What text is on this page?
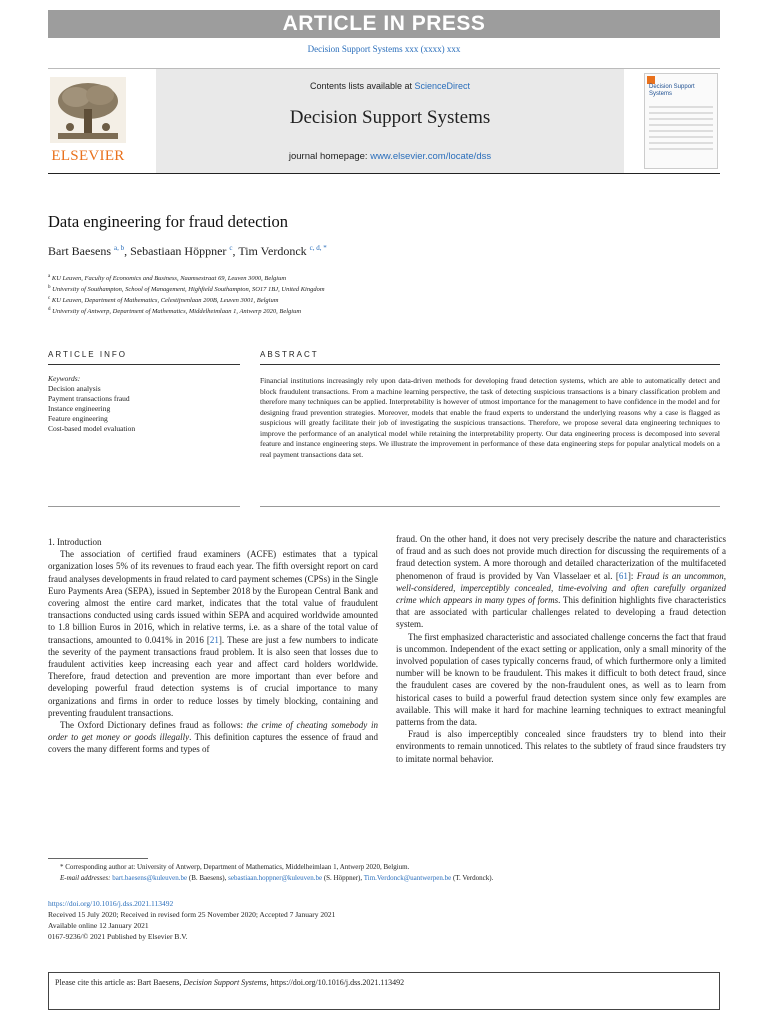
ARTICLE IN PRESS
Decision Support Systems xxx (xxxx) xxx
ELSEVIER
Contents lists available at ScienceDirect
Decision Support Systems
journal homepage: www.elsevier.com/locate/dss
Decision Support Systems
Data engineering for fraud detection
Bart Baesens $^{a, b}$, Sebastiaan Höppner $^c$, Tim Verdonck $^{c, d, *}$
$^a$ KU Leuven, Faculty of Economics and Business, Naamsestraat 69, Leuven 3000, Belgium
$^b$ University of Southampton, School of Management, Highfield Southampton, SO17 1BJ, United Kingdom
$^c$ KU Leuven, Department of Mathematics, Celestijnenlaan 200B, Leuven 3001, Belgium
$^d$ University of Antwerp, Department of Mathematics, Middelheimlaan 1, Antwerp 2020, Belgium
ARTICLE INFO	ABSTRACT
Keywords:
Decision analysis
Payment transactions fraud
Instance engineering
Feature engineering
Cost-based model evaluation
Financial institutions increasingly rely upon data-driven methods for developing fraud detection systems, which are able to automatically detect and block fraudulent transactions. From a machine learning perspective, the task of detecting suspicious transactions is a binary classification problem and therefore many techniques can be applied. Interpretability is however of utmost importance for the management to have confidence in the model and for designing fraud prevention strategies. Moreover, models that enable the fraud experts to understand the underlying reasons why a case is flagged as suspicious will greatly facilitate their job of investigating the suspicious transactions. Therefore, we propose several data engineering techniques to improve the performance of an analytical model while retaining the interpretability property. Our data engineering process is decomposed into several feature and instance engineering steps. We illustrate the improvement in performance of these data engineering steps for popular analytical models on a real payment transactions data set.

1. Introduction

The association of certified fraud examiners (ACFE) estimates that a typical organization loses 5% of its revenues to fraud each year. The fifth oversight report on card fraud analyses developments in fraud related to card payment schemes (CPSs) in the Single Euro Payments Area (SEPA), issued in September 2018 by the European Central Bank and covering almost the entire card market, indicates that the total value of fraudulent transactions conducted using cards issued within SEPA and acquired worldwide amounted to 1.8 billion Euros in 2016, which in relative terms, i.e. as a share of the total value of transactions, amounted to 0.041% in 2016 [21]. These are just a few numbers to indicate the severity of the payment transactions fraud problem. It is also seen that losses due to fraudulent activities keep increasing each year and affect card holders worldwide. Therefore, fraud detection and prevention are more important than ever before and developing powerful fraud detection systems is of crucial importance to many organizations and firms in order to reduce losses by timely blocking, containing and preventing fraudulent transactions.

The Oxford Dictionary defines fraud as follows: the crime of cheating somebody in order to get money or goods illegally. This definition captures the essence of fraud and covers the many different forms and types of

fraud. On the other hand, it does not very precisely describe the nature and characteristics of fraud and as such does not provide much direction for discussing the requirements of a fraud detection system. A more thorough and detailed characterization of the multifaceted phenomenon of fraud is provided by Van Vlasselaer et al. [61]: Fraud is an uncommon, well-considered, imperceptibly concealed, time-evolving and often carefully organized crime which appears in many types of forms. This definition highlights five characteristics that are associated with particular challenges related to developing a fraud detection system.

The first emphasized characteristic and associated challenge concerns the fact that fraud is uncommon. Independent of the exact setting or application, only a small minority of the involved population of cases typically concerns fraud, of which furthermore only a limited number will be known to be fraudulent. This makes it difficult to both detect fraud, since the fraudulent cases are covered by the non-fraudulent ones, as well as to learn from historical cases to build a powerful fraud detection system since only few examples are available. This will make it hard for machine learning techniques to extract meaningful patterns from the data.

Fraud is also imperceptibly concealed since fraudsters try to blend into their environments to remain unnoticed. This relates to the subtlety of fraud since fraudsters try to imitate normal behavior.

* Corresponding author at: University of Antwerp, Department of Mathematics, Middelheimlaan 1, Antwerp 2020, Belgium.
E-mail addresses: bart.baesens@kuleuven.be (B. Baesens), sebastiaan.hoppner@kuleuven.be (S. Höppner), Tim.Verdonck@uantwerpen.be (T. Verdonck).
https://doi.org/10.1016/j.dss.2021.113492
Received 15 July 2020; Received in revised form 25 November 2020; Accepted 7 January 2021
Available online 12 January 2021
0167-9236/© 2021 Published by Elsevier B.V.
Please cite this article as: Bart Baesens, Decision Support Systems, https://doi.org/10.1016/j.dss.2021.113492
